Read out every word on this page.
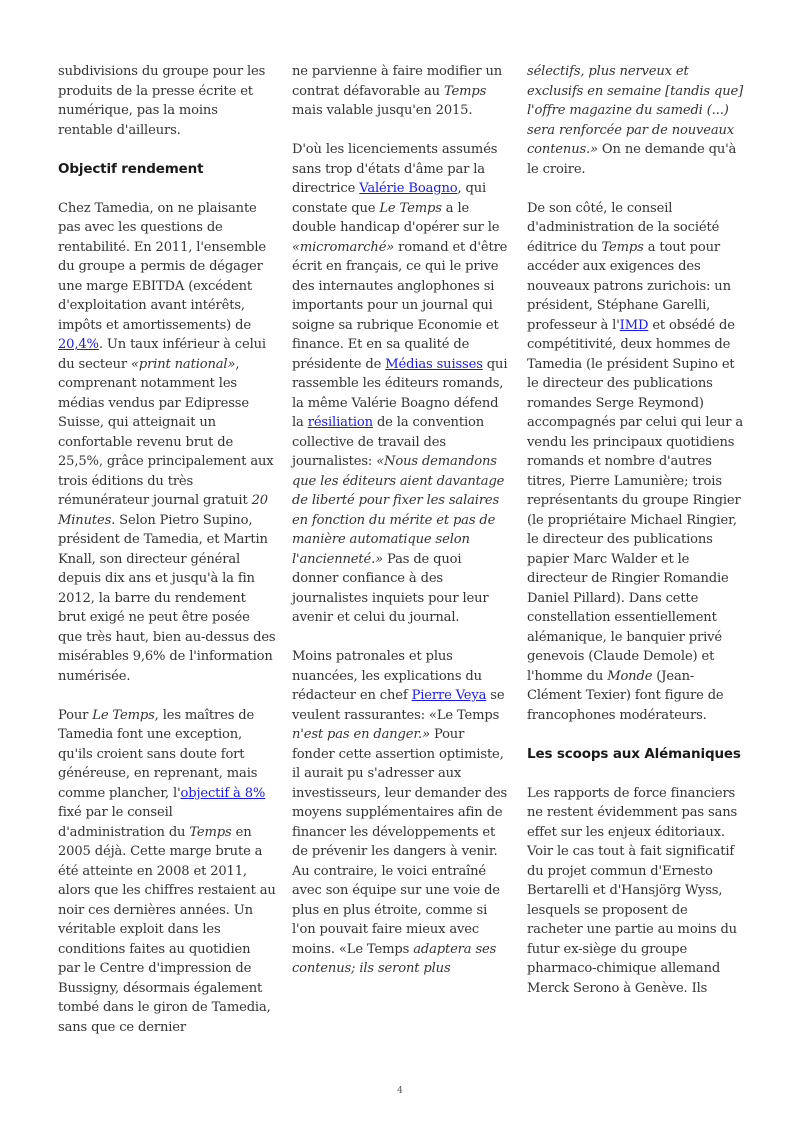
subdivisions du groupe pour les produits de la presse écrite et numérique, pas la moins rentable d'ailleurs.

Objectif rendement

Chez Tamedia, on ne plaisante pas avec les questions de rentabilité. En 2011, l'ensemble du groupe a permis de dégager une marge EBITDA (excédent d'exploitation avant intérêts, impôts et amortissements) de 20,4%. Un taux inférieur à celui du secteur «print national», comprenant notamment les médias vendus par Edipresse Suisse, qui atteignait un confortable revenu brut de 25,5%, grâce principalement aux trois éditions du très rémunérateur journal gratuit 20 Minutes. Selon Pietro Supino, président de Tamedia, et Martin Knall, son directeur général depuis dix ans et jusqu'à la fin 2012, la barre du rendement brut exigé ne peut être posée que très haut, bien au-dessus des misérables 9,6% de l'information numérisée.

Pour Le Temps, les maîtres de Tamedia font une exception, qu'ils croient sans doute fort généreuse, en reprenant, mais comme plancher, l'objectif à 8% fixé par le conseil d'administration du Temps en 2005 déjà. Cette marge brute a été atteinte en 2008 et 2011, alors que les chiffres restaient au noir ces dernières années. Un véritable exploit dans les conditions faites au quotidien par le Centre d'impression de Bussigny, désormais également tombé dans le giron de Tamedia, sans que ce dernier

ne parvienne à faire modifier un contrat défavorable au Temps mais valable jusqu'en 2015.

D'où les licenciements assumés sans trop d'états d'âme par la directrice Valérie Boagno, qui constate que Le Temps a le double handicap d'opérer sur le «micromarché» romand et d'être écrit en français, ce qui le prive des internautes anglophones si importants pour un journal qui soigne sa rubrique Economie et finance. Et en sa qualité de présidente de Médias suisses qui rassemble les éditeurs romands, la même Valérie Boagno défend la résiliation de la convention collective de travail des journalistes: «Nous demandons que les éditeurs aient davantage de liberté pour fixer les salaires en fonction du mérite et pas de manière automatique selon l'ancienneté.» Pas de quoi donner confiance à des journalistes inquiets pour leur avenir et celui du journal.

Moins patronales et plus nuancées, les explications du rédacteur en chef Pierre Veya se veulent rassurantes: «Le Temps n'est pas en danger.» Pour fonder cette assertion optimiste, il aurait pu s'adresser aux investisseurs, leur demander des moyens supplémentaires afin de financer les développements et de prévenir les dangers à venir. Au contraire, le voici entraîné avec son équipe sur une voie de plus en plus étroite, comme si l'on pouvait faire mieux avec moins. «Le Temps adaptera ses contenus; ils seront plus

sélectifs, plus nerveux et exclusifs en semaine [tandis que] l'offre magazine du samedi (...) sera renforcée par de nouveaux contenus.» On ne demande qu'à le croire.

De son côté, le conseil d'administration de la société éditrice du Temps a tout pour accéder aux exigences des nouveaux patrons zurichois: un président, Stéphane Garelli, professeur à l'IMD et obsédé de compétitivité, deux hommes de Tamedia (le président Supino et le directeur des publications romandes Serge Reymond) accompagnés par celui qui leur a vendu les principaux quotidiens romands et nombre d'autres titres, Pierre Lamunière; trois représentants du groupe Ringier (le propriétaire Michael Ringier, le directeur des publications papier Marc Walder et le directeur de Ringier Romandie Daniel Pillard). Dans cette constellation essentiellement alémanique, le banquier privé genevois (Claude Demole) et l'homme du Monde (Jean-Clément Texier) font figure de francophones modérateurs.

Les scoops aux Alémaniques

Les rapports de force financiers ne restent évidemment pas sans effet sur les enjeux éditoriaux. Voir le cas tout à fait significatif du projet commun d'Ernesto Bertarelli et d'Hansjörg Wyss, lesquels se proposent de racheter une partie au moins du futur ex-siège du groupe pharmaco-chimique allemand Merck Serono à Genève. Ils

4
